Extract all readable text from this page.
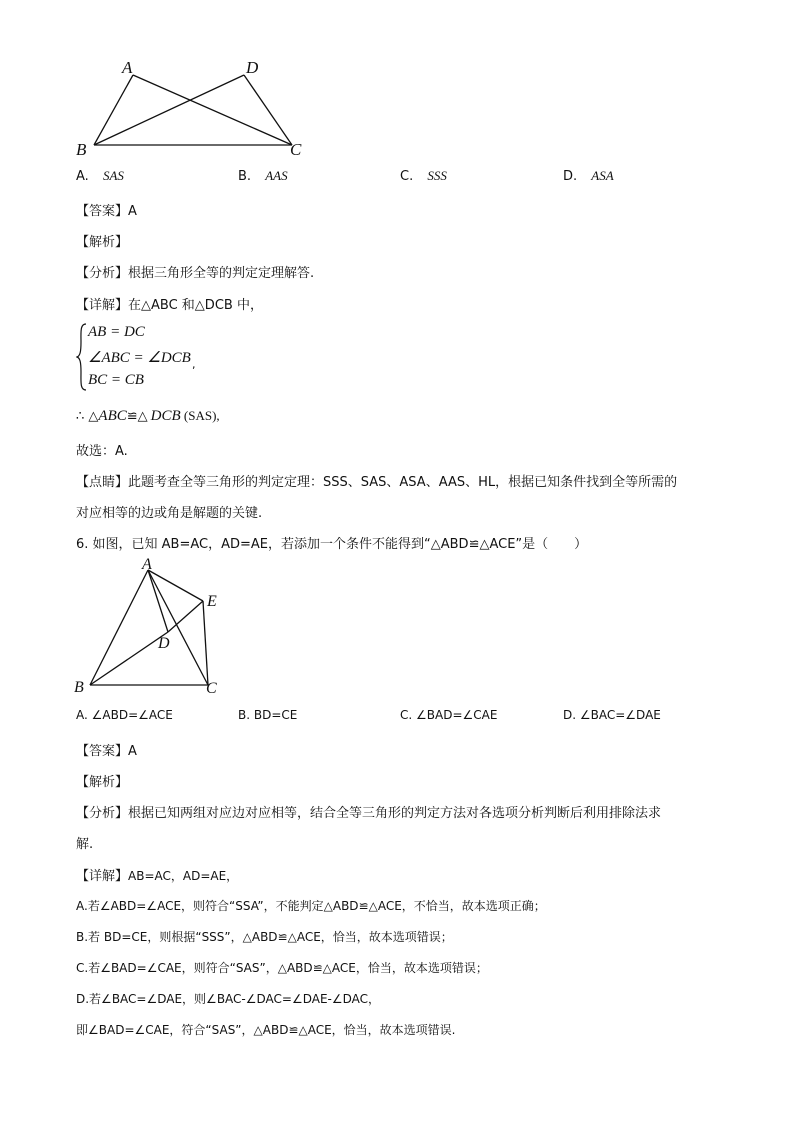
A	D
B	C
A. SAS	B. AAS	C. SSS	D. ASA
【答案】A
【解析】
【分析】根据三角形全等的判定定理解答.
【详解】在△ABC 和△DCB 中，
AB = DC
∠ABC = ∠DCB
BC = CB
,
∴ △ABC≌△ DCB (SAS),
故选：A.
【点睛】此题考查全等三角形的判定定理：SSS、SAS、ASA、AAS、HL，根据已知条件找到全等所需的
对应相等的边或角是解题的关键.
6. 如图，已知 AB=AC，AD=AE，若添加一个条件不能得到“△ABD≌△ACE”是（　　）
A
E
D
B	C
A. ∠ABD=∠ACE	B. BD=CE	C. ∠BAD=∠CAE	D. ∠BAC=∠DAE
【答案】A
【解析】
【分析】根据已知两组对应边对应相等，结合全等三角形的判定方法对各选项分析判断后利用排除法求
解.
【详解】AB=AC，AD=AE，
A.若∠ABD=∠ACE，则符合“SSA”，不能判定△ABD≌△ACE，不恰当，故本选项正确；
B.若 BD=CE，则根据“SSS”，△ABD≌△ACE，恰当，故本选项错误；
C.若∠BAD=∠CAE，则符合“SAS”，△ABD≌△ACE，恰当，故本选项错误；
D.若∠BAC=∠DAE，则∠BAC-∠DAC=∠DAE-∠DAC，
即∠BAD=∠CAE，符合“SAS”，△ABD≌△ACE，恰当，故本选项错误.
